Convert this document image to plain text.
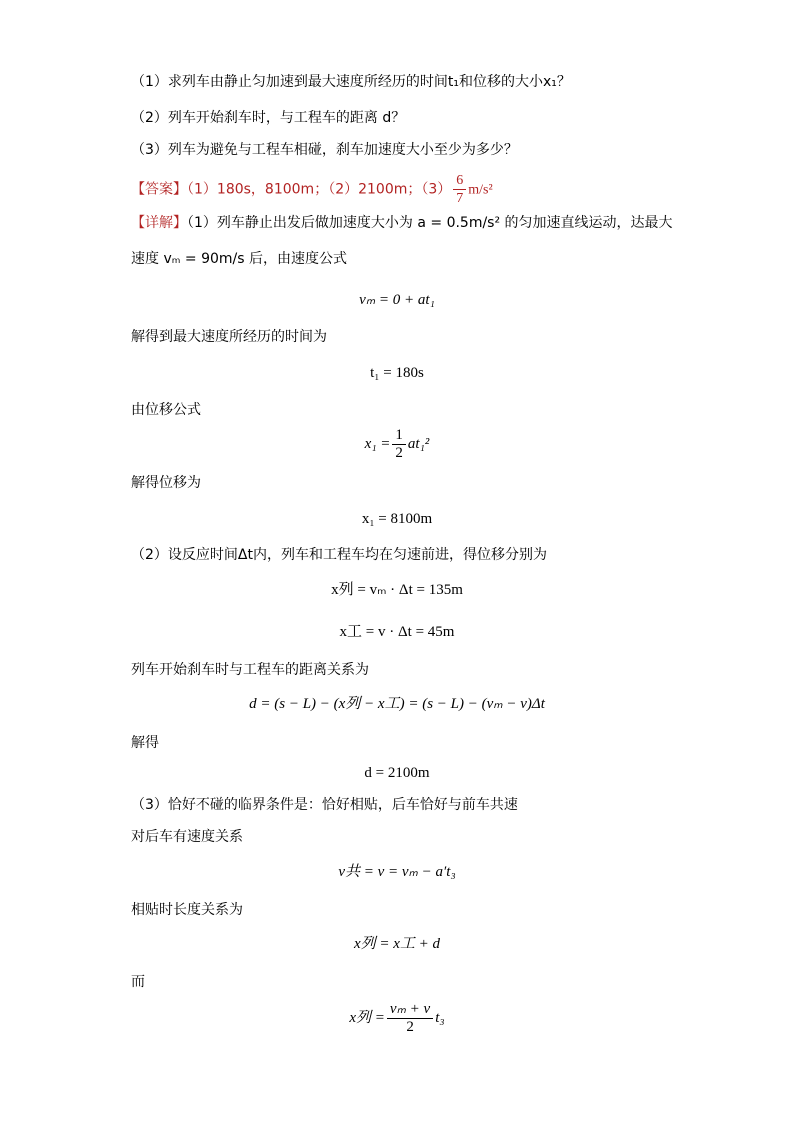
（1）求列车由静止匀加速到最大速度所经历的时间t₁和位移的大小x₁？
（2）列车开始刹车时，与工程车的距离 d？
（3）列车为避免与工程车相碰，刹车加速度大小至少为多少？
【答案】（1）180s，8100m；（2）2100m；$(3) \frac{6}{7} m/s^2$
【详解】（1）列车静止出发后做加速度大小为 a = 0.5m/s² 的匀加速直线运动，达最大
速度 vₘ = 90m/s 后，由速度公式
vₘ = 0 + at₁
解得到最大速度所经历的时间为
t₁ = 180s
由位移公式
$x_1 = \frac{1}{2} at_1^2$
解得位移为
x₁ = 8100m
（2）设反应时间Δt内，列车和工程车均在匀速前进，得位移分别为
x列 = vₘ · Δt = 135m
x工 = v · Δt = 45m
列车开始刹车时与工程车的距离关系为
d = (s − L) − (x列 − x工) = (s − L) − (vₘ − v)Δt
解得
d = 2100m
（3）恰好不碰的临界条件是：恰好相贴，后车恰好与前车共速
对后车有速度关系
v共 = v = vₘ − a′t₃
相贴时长度关系为
x列 = x工 + d
而
x列 = $\frac{\text{vₘ + v}}{2} t_3$
